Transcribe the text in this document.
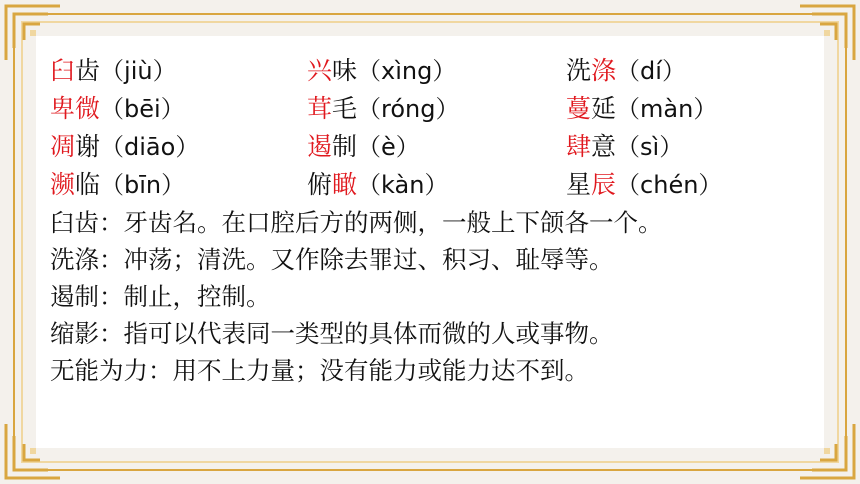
臼齿（jiù）	兴味（xìng）	洗涤（dí）
卑微（bēi）	茸毛（róng）	蔓延（màn）
凋谢（diāo）	遏制（è）	肆意（sì）
濒临（bīn）	俯瞰（kàn）	星辰（chén）
臼齿：牙齿名。在口腔后方的两侧，一般上下颌各一个。
洗涤：冲荡；清洗。又作除去罪过、积习、耻辱等。
遏制：制止，控制。
缩影：指可以代表同一类型的具体而微的人或事物。
无能为力：用不上力量；没有能力或能力达不到。
